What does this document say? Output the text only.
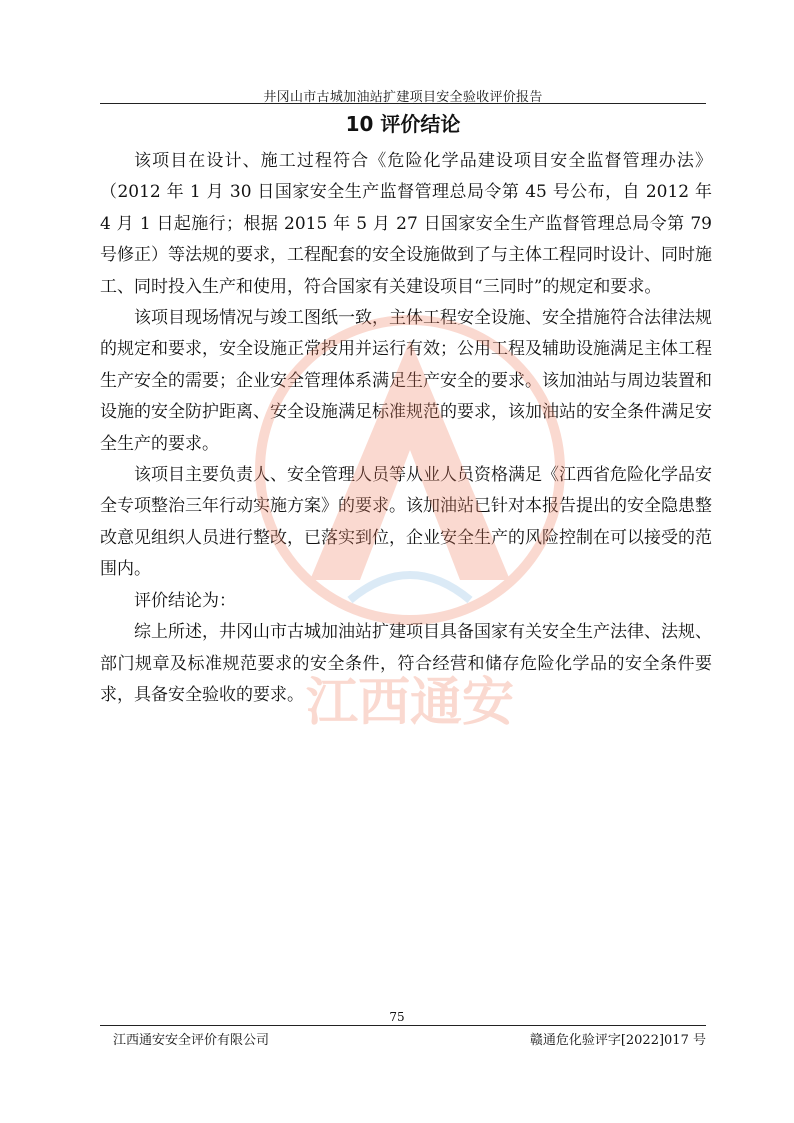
井冈山市古城加油站扩建项目安全验收评价报告
10 评价结论

该项目在设计、施工过程符合《危险化学品建设项目安全监督管理办法》（2012 年 1 月 30 日国家安全生产监督管理总局令第 45 号公布，自 2012 年 4 月 1 日起施行；根据 2015 年 5 月 27 日国家安全生产监督管理总局令第 79 号修正）等法规的要求，工程配套的安全设施做到了与主体工程同时设计、同时施工、同时投入生产和使用，符合国家有关建设项目“三同时”的规定和要求。

该项目现场情况与竣工图纸一致，主体工程安全设施、安全措施符合法律法规的规定和要求，安全设施正常投用并运行有效；公用工程及辅助设施满足主体工程生产安全的需要；企业安全管理体系满足生产安全的要求。该加油站与周边装置和设施的安全防护距离、安全设施满足标准规范的要求，该加油站的安全条件满足安全生产的要求。

该项目主要负责人、安全管理人员等从业人员资格满足《江西省危险化学品安全专项整治三年行动实施方案》的要求。该加油站已针对本报告提出的安全隐患整改意见组织人员进行整改，已落实到位，企业安全生产的风险控制在可以接受的范围内。

评价结论为：

综上所述，井冈山市古城加油站扩建项目具备国家有关安全生产法律、法规、部门规章及标准规范要求的安全条件，符合经营和储存危险化学品的安全条件要求，具备安全验收的要求。 江西通安
75
江西通安安全评价有限公司	赣通危化验评字[2022]017 号
